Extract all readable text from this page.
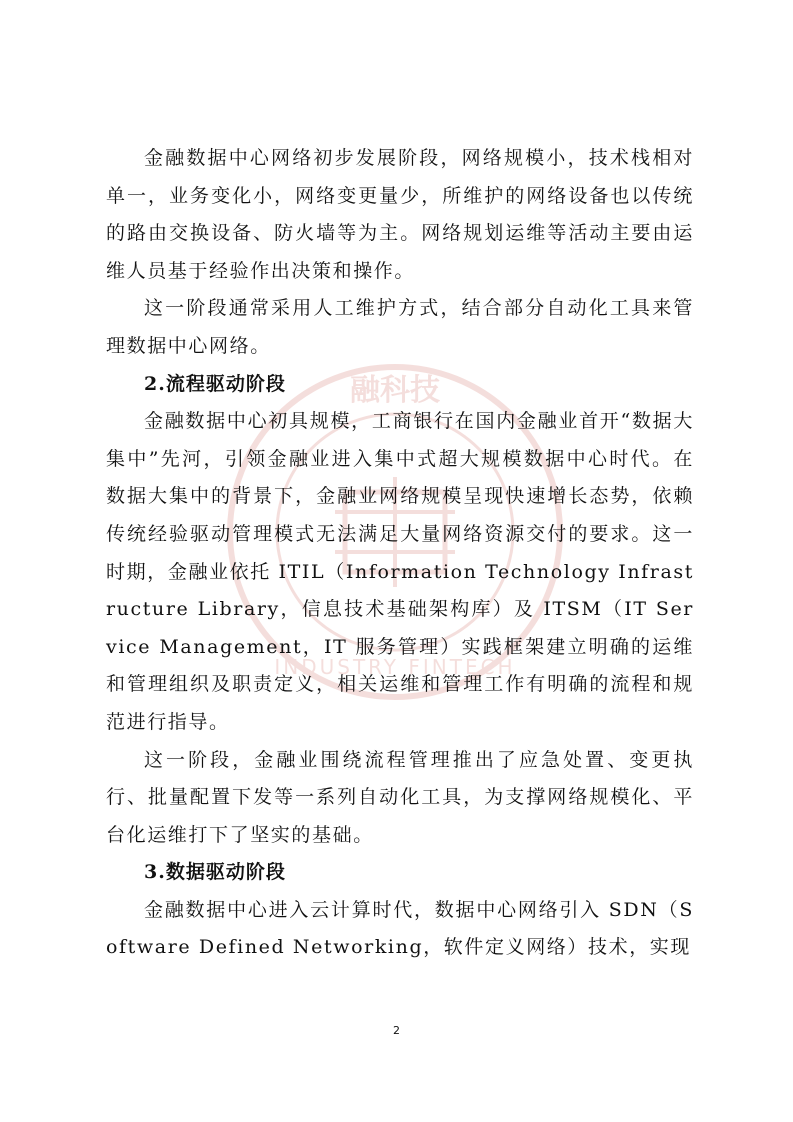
融科技
INDUSTRY FINTECH

金融数据中心网络初步发展阶段，网络规模小，技术栈相对单一，业务变化小，网络变更量少，所维护的网络设备也以传统的路由交换设备、防火墙等为主。网络规划运维等活动主要由运维人员基于经验作出决策和操作。

这一阶段通常采用人工维护方式，结合部分自动化工具来管理数据中心网络。

2.流程驱动阶段

金融数据中心初具规模，工商银行在国内金融业首开“数据大集中”先河，引领金融业进入集中式超大规模数据中心时代。在数据大集中的背景下，金融业网络规模呈现快速增长态势，依赖传统经验驱动管理模式无法满足大量网络资源交付的要求。这一时期，金融业依托 ITIL（Information Technology Infrastructure Library，信息技术基础架构库）及 ITSM（IT Service Management，IT 服务管理）实践框架建立明确的运维和管理组织及职责定义，相关运维和管理工作有明确的流程和规范进行指导。

这一阶段，金融业围绕流程管理推出了应急处置、变更执行、批量配置下发等一系列自动化工具，为支撑网络规模化、平台化运维打下了坚实的基础。

3.数据驱动阶段

金融数据中心进入云计算时代，数据中心网络引入 SDN（Software Defined Networking，软件定义网络）技术，实现

2
